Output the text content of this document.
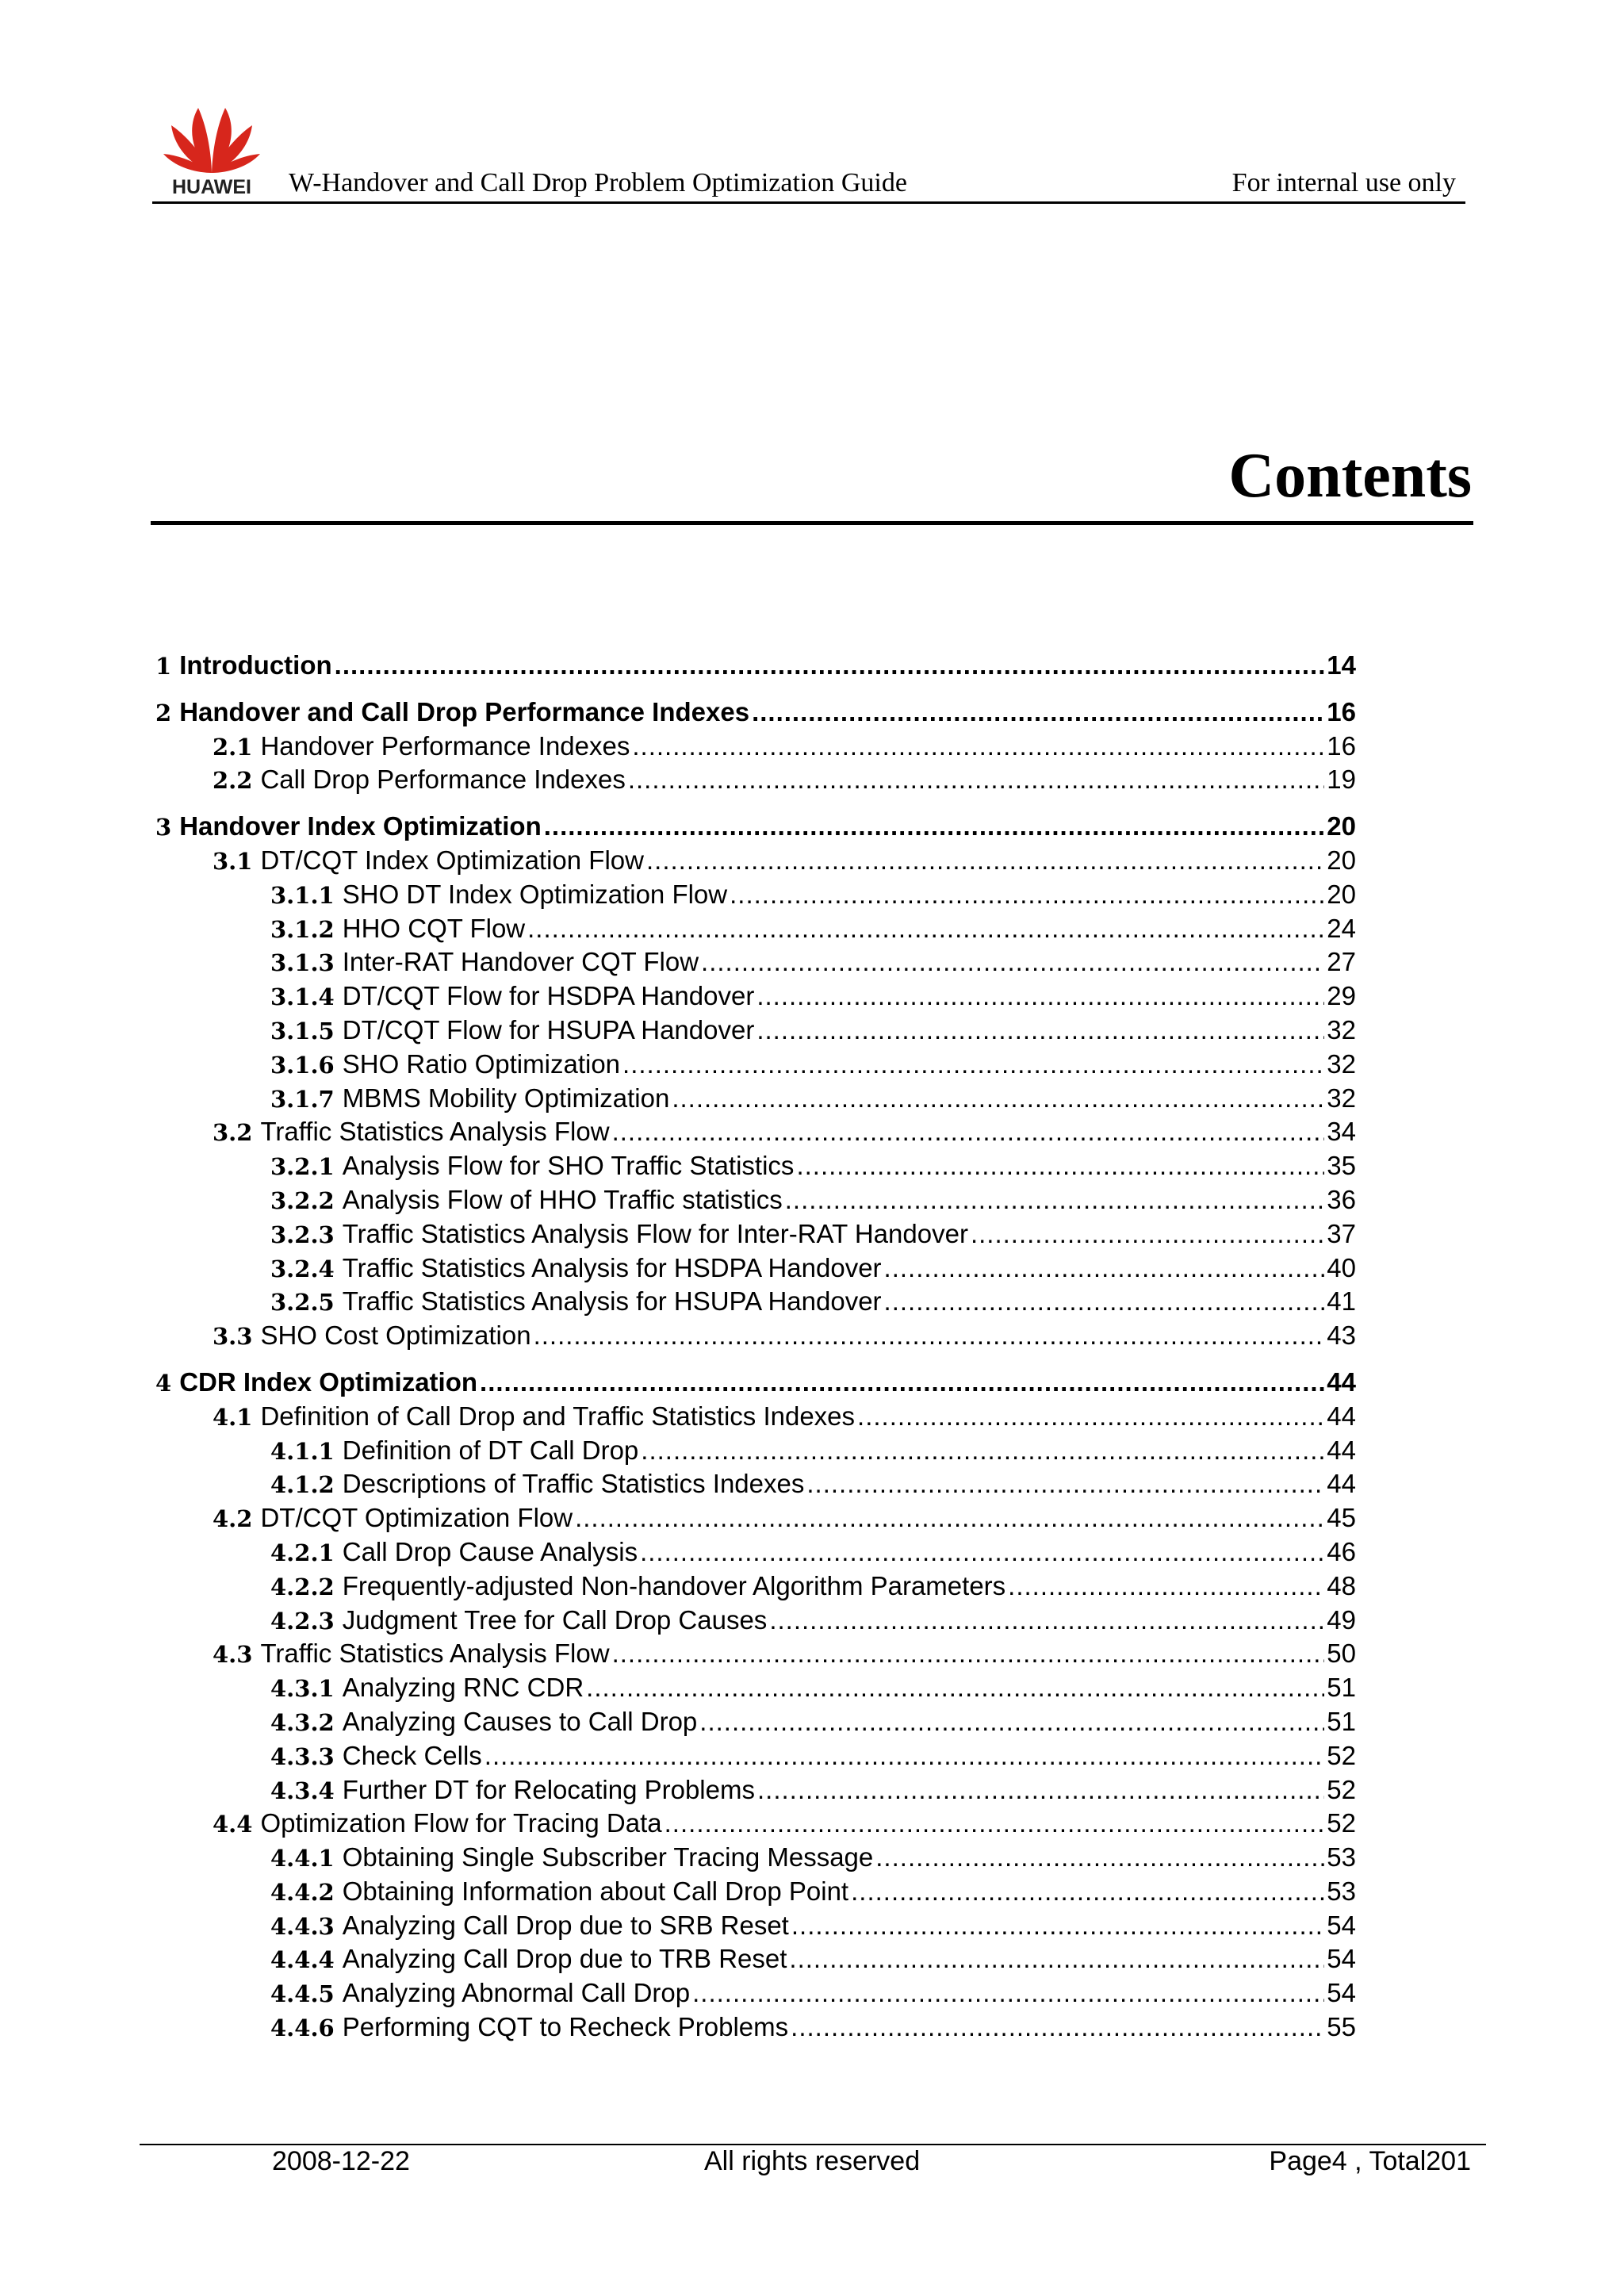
HUAWEI	W-Handover and Call Drop Problem Optimization Guide	For internal use only
Contents
1 Introduction .....	14
2 Handover and Call Drop Performance Indexes .....	16
2.1 Handover Performance Indexes .....	16
2.2 Call Drop Performance Indexes .....	19
3 Handover Index Optimization .....	20
3.1 DT/CQT Index Optimization Flow .....	20
3.1.1 SHO DT Index Optimization Flow .....	20
3.1.2 HHO CQT Flow .....	24
3.1.3 Inter-RAT Handover CQT Flow .....	27
3.1.4 DT/CQT Flow for HSDPA Handover .....	29
3.1.5 DT/CQT Flow for HSUPA Handover .....	32
3.1.6 SHO Ratio Optimization .....	32
3.1.7 MBMS Mobility Optimization .....	32
3.2 Traffic Statistics Analysis Flow .....	34
3.2.1 Analysis Flow for SHO Traffic Statistics .....	35
3.2.2 Analysis Flow of HHO Traffic statistics .....	36
3.2.3 Traffic Statistics Analysis Flow for Inter-RAT Handover .....	37
3.2.4 Traffic Statistics Analysis for HSDPA Handover .....	40
3.2.5 Traffic Statistics Analysis for HSUPA Handover .....	41
3.3 SHO Cost Optimization .....	43
4 CDR Index Optimization .....	44
4.1 Definition of Call Drop and Traffic Statistics Indexes .....	44
4.1.1 Definition of DT Call Drop .....	44
4.1.2 Descriptions of Traffic Statistics Indexes .....	44
4.2 DT/CQT Optimization Flow .....	45
4.2.1 Call Drop Cause Analysis .....	46
4.2.2 Frequently-adjusted Non-handover Algorithm Parameters .....	48
4.2.3 Judgment Tree for Call Drop Causes .....	49
4.3 Traffic Statistics Analysis Flow .....	50
4.3.1 Analyzing RNC CDR .....	51
4.3.2 Analyzing Causes to Call Drop .....	51
4.3.3 Check Cells .....	52
4.3.4 Further DT for Relocating Problems .....	52
4.4 Optimization Flow for Tracing Data .....	52
4.4.1 Obtaining Single Subscriber Tracing Message .....	53
4.4.2 Obtaining Information about Call Drop Point .....	53
4.4.3 Analyzing Call Drop due to SRB Reset .....	54
4.4.4 Analyzing Call Drop due to TRB Reset .....	54
4.4.5 Analyzing Abnormal Call Drop .....	54
4.4.6 Performing CQT to Recheck Problems .....	55
2008-12-22	All rights reserved	Page4 , Total201
